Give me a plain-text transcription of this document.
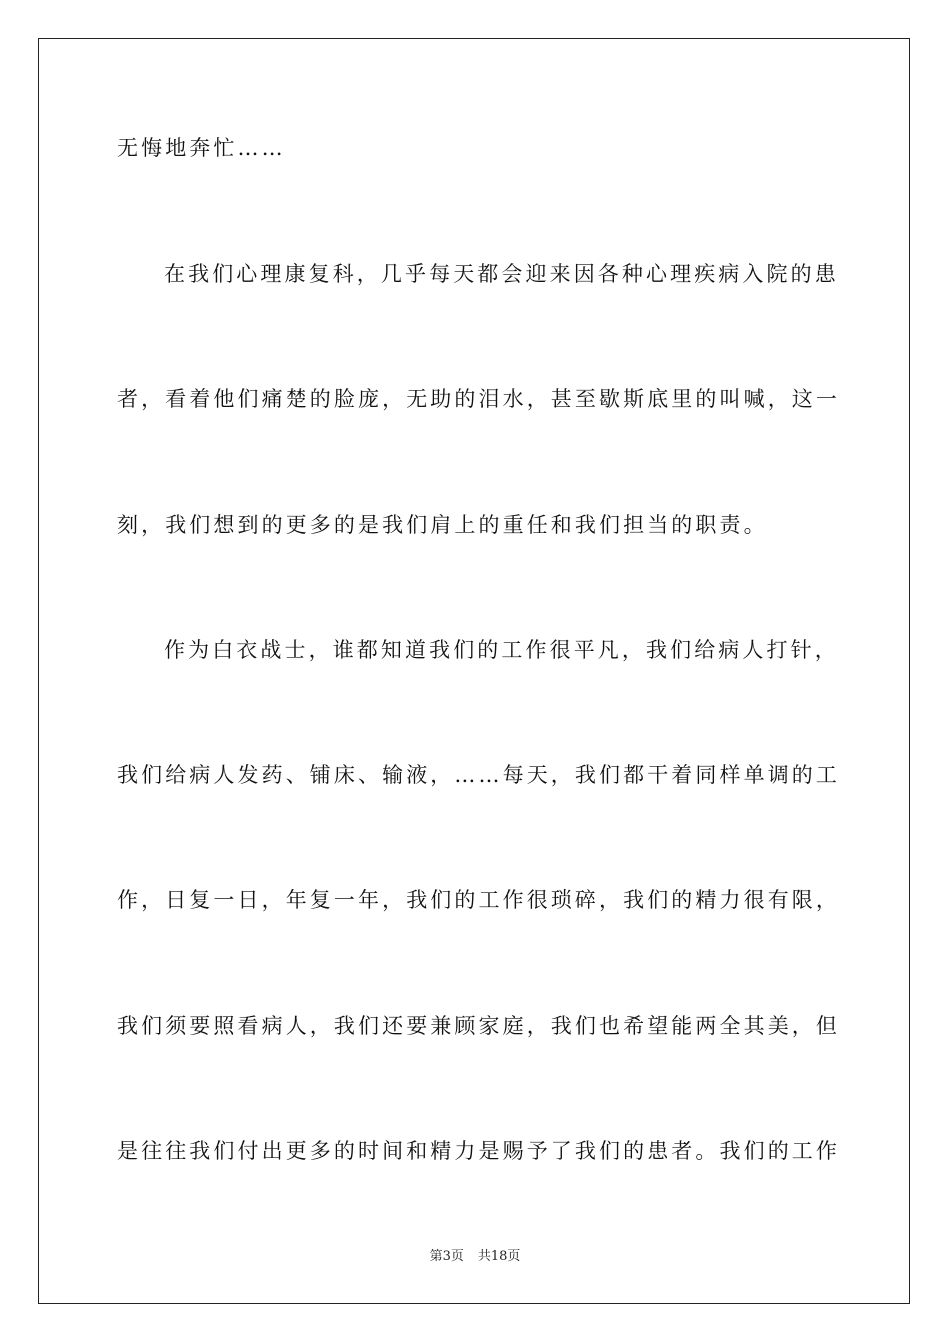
无悔地奔忙……
在我们心理康复科，几乎每天都会迎来因各种心理疾病入院的患
者，看着他们痛楚的脸庞，无助的泪水，甚至歇斯底里的叫喊，这一
刻，我们想到的更多的是我们肩上的重任和我们担当的职责。
作为白衣战士，谁都知道我们的工作很平凡，我们给病人打针，
我们给病人发药、铺床、输液，……每天，我们都干着同样单调的工
作，日复一日，年复一年，我们的工作很琐碎，我们的精力很有限，
我们须要照看病人，我们还要兼顾家庭，我们也希望能两全其美，但
是往往我们付出更多的时间和精力是赐予了我们的患者。我们的工作
第3页 共18页
